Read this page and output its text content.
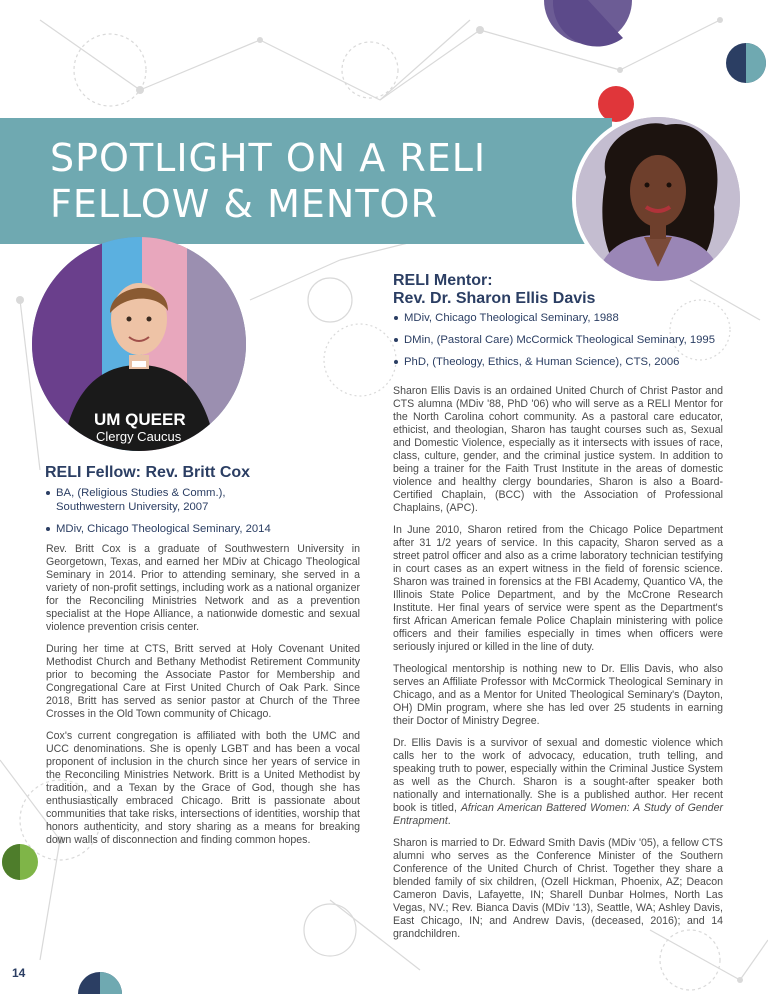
SPOTLIGHT ON A RELI
FELLOW & MENTOR
UM QUEER
Clergy Caucus
RELI Fellow: Rev. Britt Cox
BA, (Religious Studies & Comm.),
Southwestern University, 2007
MDiv, Chicago Theological Seminary, 2014

Rev. Britt Cox is a graduate of Southwestern University in Georgetown, Texas, and earned her MDiv at Chicago Theological Seminary in 2014. Prior to attending seminary, she served in a variety of non-profit settings, including work as a national organizer for the Reconciling Ministries Network and as a prevention specialist at the Hope Alliance, a nationwide domestic and sexual violence prevention crisis center.

During her time at CTS, Britt served at Holy Covenant United Methodist Church and Bethany Methodist Retirement Community prior to becoming the Associate Pastor for Membership and Congregational Care at First United Church of Oak Park. Since 2018, Britt has served as senior pastor at Church of the Three Crosses in the Old Town community of Chicago.

Cox's current congregation is affiliated with both the UMC and UCC denominations. She is openly LGBT and has been a vocal proponent of inclusion in the church since her years of service in the Reconciling Ministries Network. Britt is a United Methodist by tradition, and a Texan by the Grace of God, though she has enthusiastically embraced Chicago. Britt is passionate about communities that take risks, intersections of identities, worship that honors authenticity, and story sharing as a means for breaking down walls of disconnection and finding common hopes.

RELI Mentor:
Rev. Dr. Sharon Ellis Davis
MDiv, Chicago Theological Seminary, 1988
DMin, (Pastoral Care) McCormick Theological Seminary, 1995
PhD, (Theology, Ethics, & Human Science), CTS, 2006

Sharon Ellis Davis is an ordained United Church of Christ Pastor and CTS alumna (MDiv '88, PhD '06) who will serve as a RELI Mentor for the North Carolina cohort community. As a pastoral care educator, ethicist, and theologian, Sharon has taught courses such as, Sexual and Domestic Violence, especially as it intersects with issues of race, class, culture, gender, and the criminal justice system. In addition to being a trainer for the Faith Trust Institute in the areas of domestic violence and healthy clergy boundaries, Sharon is also a Board-Certified Chaplain, (BCC) with the Association of Professional Chaplains, (APC).

In June 2010, Sharon retired from the Chicago Police Department after 31 1/2 years of service. In this capacity, Sharon served as a street patrol officer and also as a crime laboratory technician testifying in court cases as an expert witness in the field of forensic science. Sharon was trained in forensics at the FBI Academy, Quantico VA, the Illinois State Police Department, and by the McCrone Research Institute. Her final years of service were spent as the Department's first African American female Police Chaplain ministering with police officers and their families especially in times when officers were seriously injured or killed in the line of duty.

Theological mentorship is nothing new to Dr. Ellis Davis, who also serves an Affiliate Professor with McCormick Theological Seminary in Chicago, and as a Mentor for United Theological Seminary's (Dayton, OH) DMin program, where she has led over 25 students in earning their Doctor of Ministry Degree.

Dr. Ellis Davis is a survivor of sexual and domestic violence which calls her to the work of advocacy, education, truth telling, and speaking truth to power, especially within the Criminal Justice System as well as the Church. Sharon is a sought-after speaker both nationally and internationally. She is a published author. Her recent book is titled, African American Battered Women: A Study of Gender Entrapment.

Sharon is married to Dr. Edward Smith Davis (MDiv '05), a fellow CTS alumni who serves as the Conference Minister of the Southern Conference of the United Church of Christ. Together they share a blended family of six children, (Ozell Hickman, Phoenix, AZ; Deacon Cameron Davis, Lafayette, IN; Sharell Dunbar Holmes, North Las Vegas, NV.; Rev. Bianca Davis (MDiv '13), Seattle, WA; Ashley Davis, East Chicago, IN; and Andrew Davis, (deceased, 2016); and 14 grandchildren.

14
